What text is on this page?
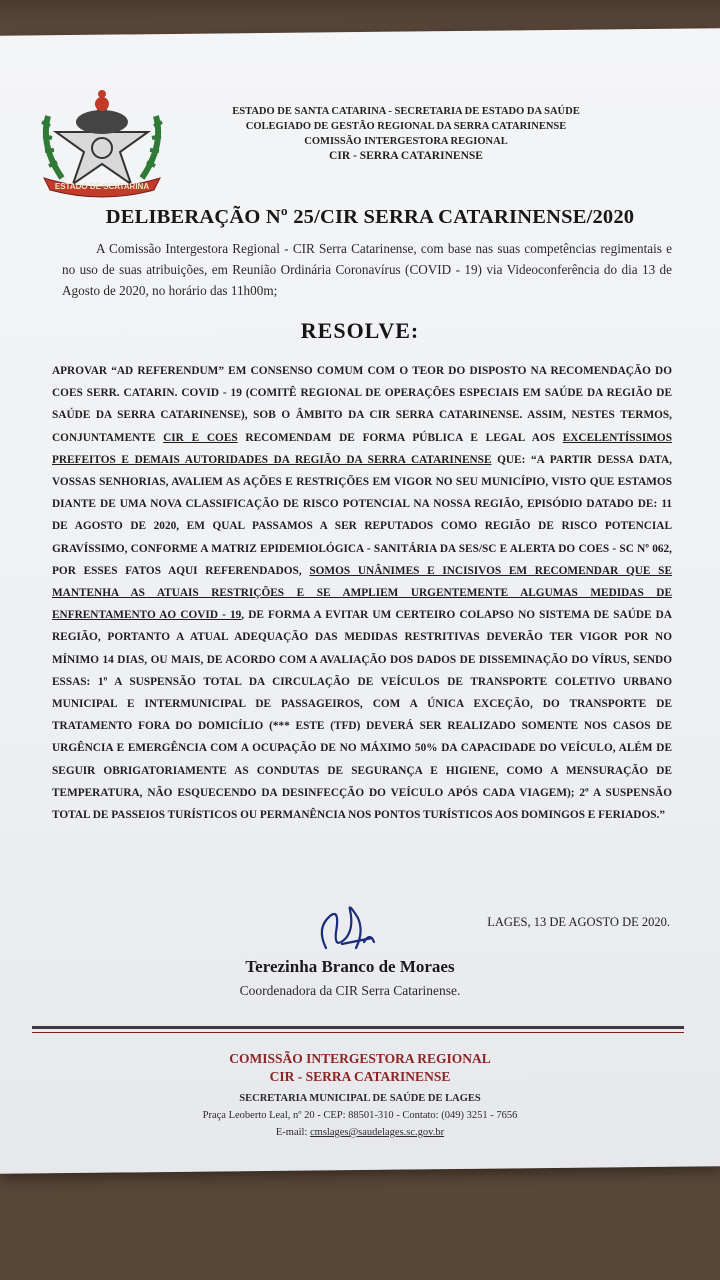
ESTADO DE SCATARINA
ESTADO DE SANTA CATARINA - SECRETARIA DE ESTADO DA SAÚDE
COLEGIADO DE GESTÃO REGIONAL DA SERRA CATARINENSE
COMISSÃO INTERGESTORA REGIONAL
CIR - SERRA CATARINENSE
DELIBERAÇÃO Nº 25/CIR SERRA CATARINENSE/2020
A Comissão Intergestora Regional - CIR Serra Catarinense, com base nas suas competências regimentais e no uso de suas atribuições, em Reunião Ordinária Coronavírus (COVID - 19) via Videoconferência do dia 13 de Agosto de 2020, no horário das 11h00m;
RESOLVE:
APROVAR “AD REFERENDUM” EM CONSENSO COMUM COM O TEOR DO DISPOSTO NA RECOMENDAÇÃO DO COES SERR. CATARIN. COVID - 19 (COMITÊ REGIONAL DE OPERAÇÕES ESPECIAIS EM SAÚDE DA REGIÃO DE SAÚDE DA SERRA CATARINENSE), SOB O ÂMBITO DA CIR SERRA CATARINENSE. ASSIM, NESTES TERMOS, CONJUNTAMENTE CIR E COES RECOMENDAM DE FORMA PÚBLICA E LEGAL AOS EXCELENTÍSSIMOS PREFEITOS E DEMAIS AUTORIDADES DA REGIÃO DA SERRA CATARINENSE QUE: “A PARTIR DESSA DATA, VOSSAS SENHORIAS, AVALIEM AS AÇÕES E RESTRIÇÕES EM VIGOR NO SEU MUNICÍPIO, VISTO QUE ESTAMOS DIANTE DE UMA NOVA CLASSIFICAÇÃO DE RISCO POTENCIAL NA NOSSA REGIÃO, EPISÓDIO DATADO DE: 11 DE AGOSTO DE 2020, EM QUAL PASSAMOS A SER REPUTADOS COMO REGIÃO DE RISCO POTENCIAL GRAVÍSSIMO, CONFORME A MATRIZ EPIDEMIOLÓGICA - SANITÁRIA DA SES/SC E ALERTA DO COES - SC Nº 062, POR ESSES FATOS AQUI REFERENDADOS, SOMOS UNÂNIMES E INCISIVOS EM RECOMENDAR QUE SE MANTENHA AS ATUAIS RESTRIÇÕES E SE AMPLIEM URGENTEMENTE ALGUMAS MEDIDAS DE ENFRENTAMENTO AO COVID - 19, DE FORMA A EVITAR UM CERTEIRO COLAPSO NO SISTEMA DE SAÚDE DA REGIÃO, PORTANTO A ATUAL ADEQUAÇÃO DAS MEDIDAS RESTRITIVAS DEVERÃO TER VIGOR POR NO MÍNIMO 14 DIAS, OU MAIS, DE ACORDO COM A AVALIAÇÃO DOS DADOS DE DISSEMINAÇÃO DO VÍRUS, SENDO ESSAS: 1º A SUSPENSÃO TOTAL DA CIRCULAÇÃO DE VEÍCULOS DE TRANSPORTE COLETIVO URBANO MUNICIPAL E INTERMUNICIPAL DE PASSAGEIROS, COM A ÚNICA EXCEÇÃO, DO TRANSPORTE DE TRATAMENTO FORA DO DOMICÍLIO (*** ESTE (TFD) DEVERÁ SER REALIZADO SOMENTE NOS CASOS DE URGÊNCIA E EMERGÊNCIA COM A OCUPAÇÃO DE NO MÁXIMO 50% DA CAPACIDADE DO VEÍCULO, ALÉM DE SEGUIR OBRIGATORIAMENTE AS CONDUTAS DE SEGURANÇA E HIGIENE, COMO A MENSURAÇÃO DE TEMPERATURA, NÃO ESQUECENDO DA DESINFECÇÃO DO VEÍCULO APÓS CADA VIAGEM); 2º A SUSPENSÃO TOTAL DE PASSEIOS TURÍSTICOS OU PERMANÊNCIA NOS PONTOS TURÍSTICOS AOS DOMINGOS E FERIADOS.”
LAGES, 13 DE AGOSTO DE 2020.
Terezinha Branco de Moraes
Coordenadora da CIR Serra Catarinense.
COMISSÃO INTERGESTORA REGIONAL
CIR - SERRA CATARINENSE
SECRETARIA MUNICIPAL DE SAÚDE DE LAGES
Praça Leoberto Leal, nº 20 - CEP: 88501-310 - Contato: (049) 3251 - 7656
E-mail: cmslages@saudelages.sc.gov.br
